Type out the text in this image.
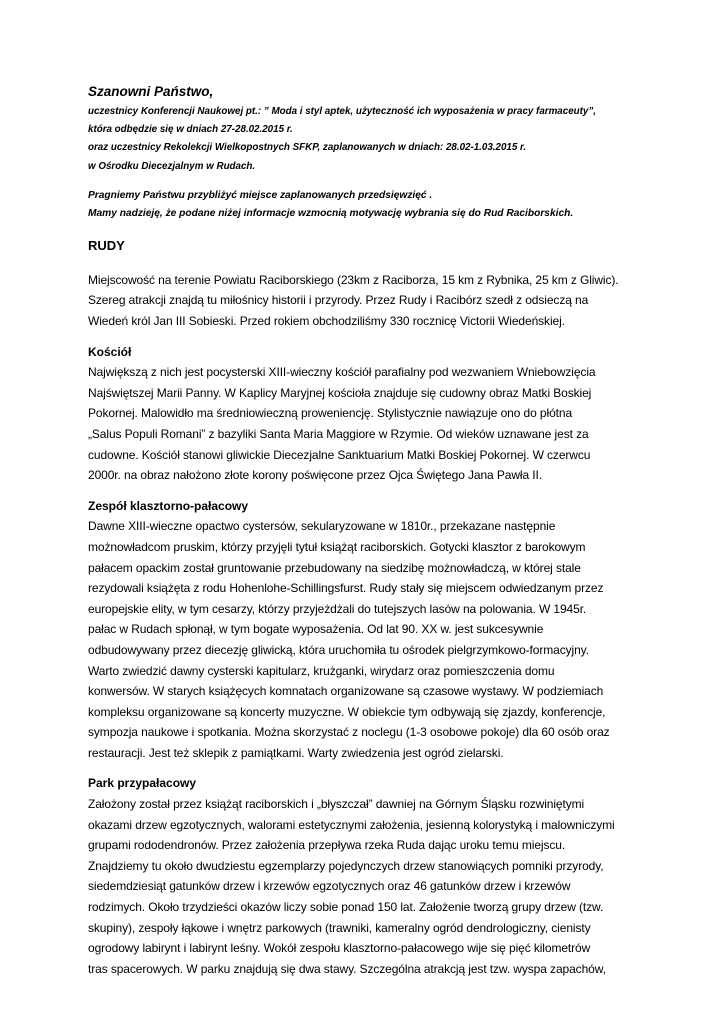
Szanowni Państwo,

uczestnicy Konferencji Naukowej pt.: ” Moda i styl aptek, użyteczność ich wyposażenia w pracy farmaceuty”,

która odbędzie się w dniach 27-28.02.2015 r.

oraz uczestnicy Rekolekcji Wielkopostnych SFKP, zaplanowanych w dniach: 28.02-1.03.2015 r.

w Ośrodku Diecezjalnym w Rudach.

Pragniemy Państwu przybliżyć miejsce zaplanowanych przedsięwzięć .

Mamy nadzieję, że podane niżej informacje wzmocnią motywację wybrania się do Rud Raciborskich.

RUDY
Miejscowość na terenie Powiatu Raciborskiego (23km z Raciborza, 15 km z Rybnika, 25 km z Gliwic).
Szereg atrakcji znajdą tu miłośnicy historii i przyrody. Przez Rudy i Racibórz szedł z odsieczą na
Wiedeń król Jan III Sobieski. Przed rokiem obchodziliśmy 330 rocznicę Victorii Wiedeńskiej.
Kościół
Największą z nich jest pocysterski XIII-wieczny kościół parafialny pod wezwaniem Wniebowzięcia
Najświętszej Marii Panny. W Kaplicy Maryjnej kościoła znajduje się cudowny obraz Matki Boskiej
Pokornej. Malowidło ma średniowieczną proweniencję. Stylistycznie nawiązuje ono do płótna
„Salus Populi Romani” z bazyliki Santa Maria Maggiore w Rzymie. Od wieków uznawane jest za
cudowne. Kościół stanowi gliwickie Diecezjalne Sanktuarium Matki Boskiej Pokornej. W czerwcu
2000r. na obraz nałożono złote korony poświęcone przez Ojca Świętego Jana Pawła II.
Zespół klasztorno-pałacowy
Dawne XIII-wieczne opactwo cystersów, sekularyzowane w 1810r., przekazane następnie
możnowładcom pruskim, którzy przyjęli tytuł książąt raciborskich. Gotycki klasztor z barokowym
pałacem opackim został gruntowanie przebudowany na siedzibę możnowładczą, w której stale
rezydowali książęta z rodu Hohenlohe-Schillingsfurst. Rudy stały się miejscem odwiedzanym przez
europejskie elity, w tym cesarzy, którzy przyjeżdżali do tutejszych lasów na polowania. W 1945r.
pałac w Rudach spłonął, w tym bogate wyposażenia. Od lat 90. XX w. jest sukcesywnie
odbudowywany przez diecezję gliwicką, która uruchomiła tu ośrodek pielgrzymkowo-formacyjny.
Warto zwiedzić dawny cysterski kapitularz, krużganki, wirydarz oraz pomieszczenia domu
konwersów. W starych książęcych komnatach organizowane są czasowe wystawy. W podziemiach
kompleksu organizowane są koncerty muzyczne. W obiekcie tym odbywają się zjazdy, konferencje,
sympozja naukowe i spotkania. Można skorzystać z noclegu (1-3 osobowe pokoje) dla 60 osób oraz
restauracji. Jest też sklepik z pamiątkami. Warty zwiedzenia jest ogród zielarski.
Park przypałacowy
Założony został przez książąt raciborskich i „błyszczał” dawniej na Górnym Śląsku rozwiniętymi
okazami drzew egzotycznych, walorami estetycznymi założenia, jesienną kolorystyką i malowniczymi
grupami rododendronów. Przez założenia przepływa rzeka Ruda dając uroku temu miejscu.
Znajdziemy tu około dwudziestu egzemplarzy pojedynczych drzew stanowiących pomniki przyrody,
siedemdziesiąt gatunków drzew i krzewów egzotycznych oraz 46 gatunków drzew i krzewów
rodzimych. Około trzydzieści okazów liczy sobie ponad 150 lat. Założenie tworzą grupy drzew (tzw.
skupiny), zespoły łąkowe i wnętrz parkowych (trawniki, kameralny ogród dendrologiczny, cienisty
ogrodowy labirynt i labirynt leśny. Wokół zespołu klasztorno-pałacowego wije się pięć kilometrów
tras spacerowych. W parku znajdują się dwa stawy. Szczególna atrakcją jest tzw. wyspa zapachów,
